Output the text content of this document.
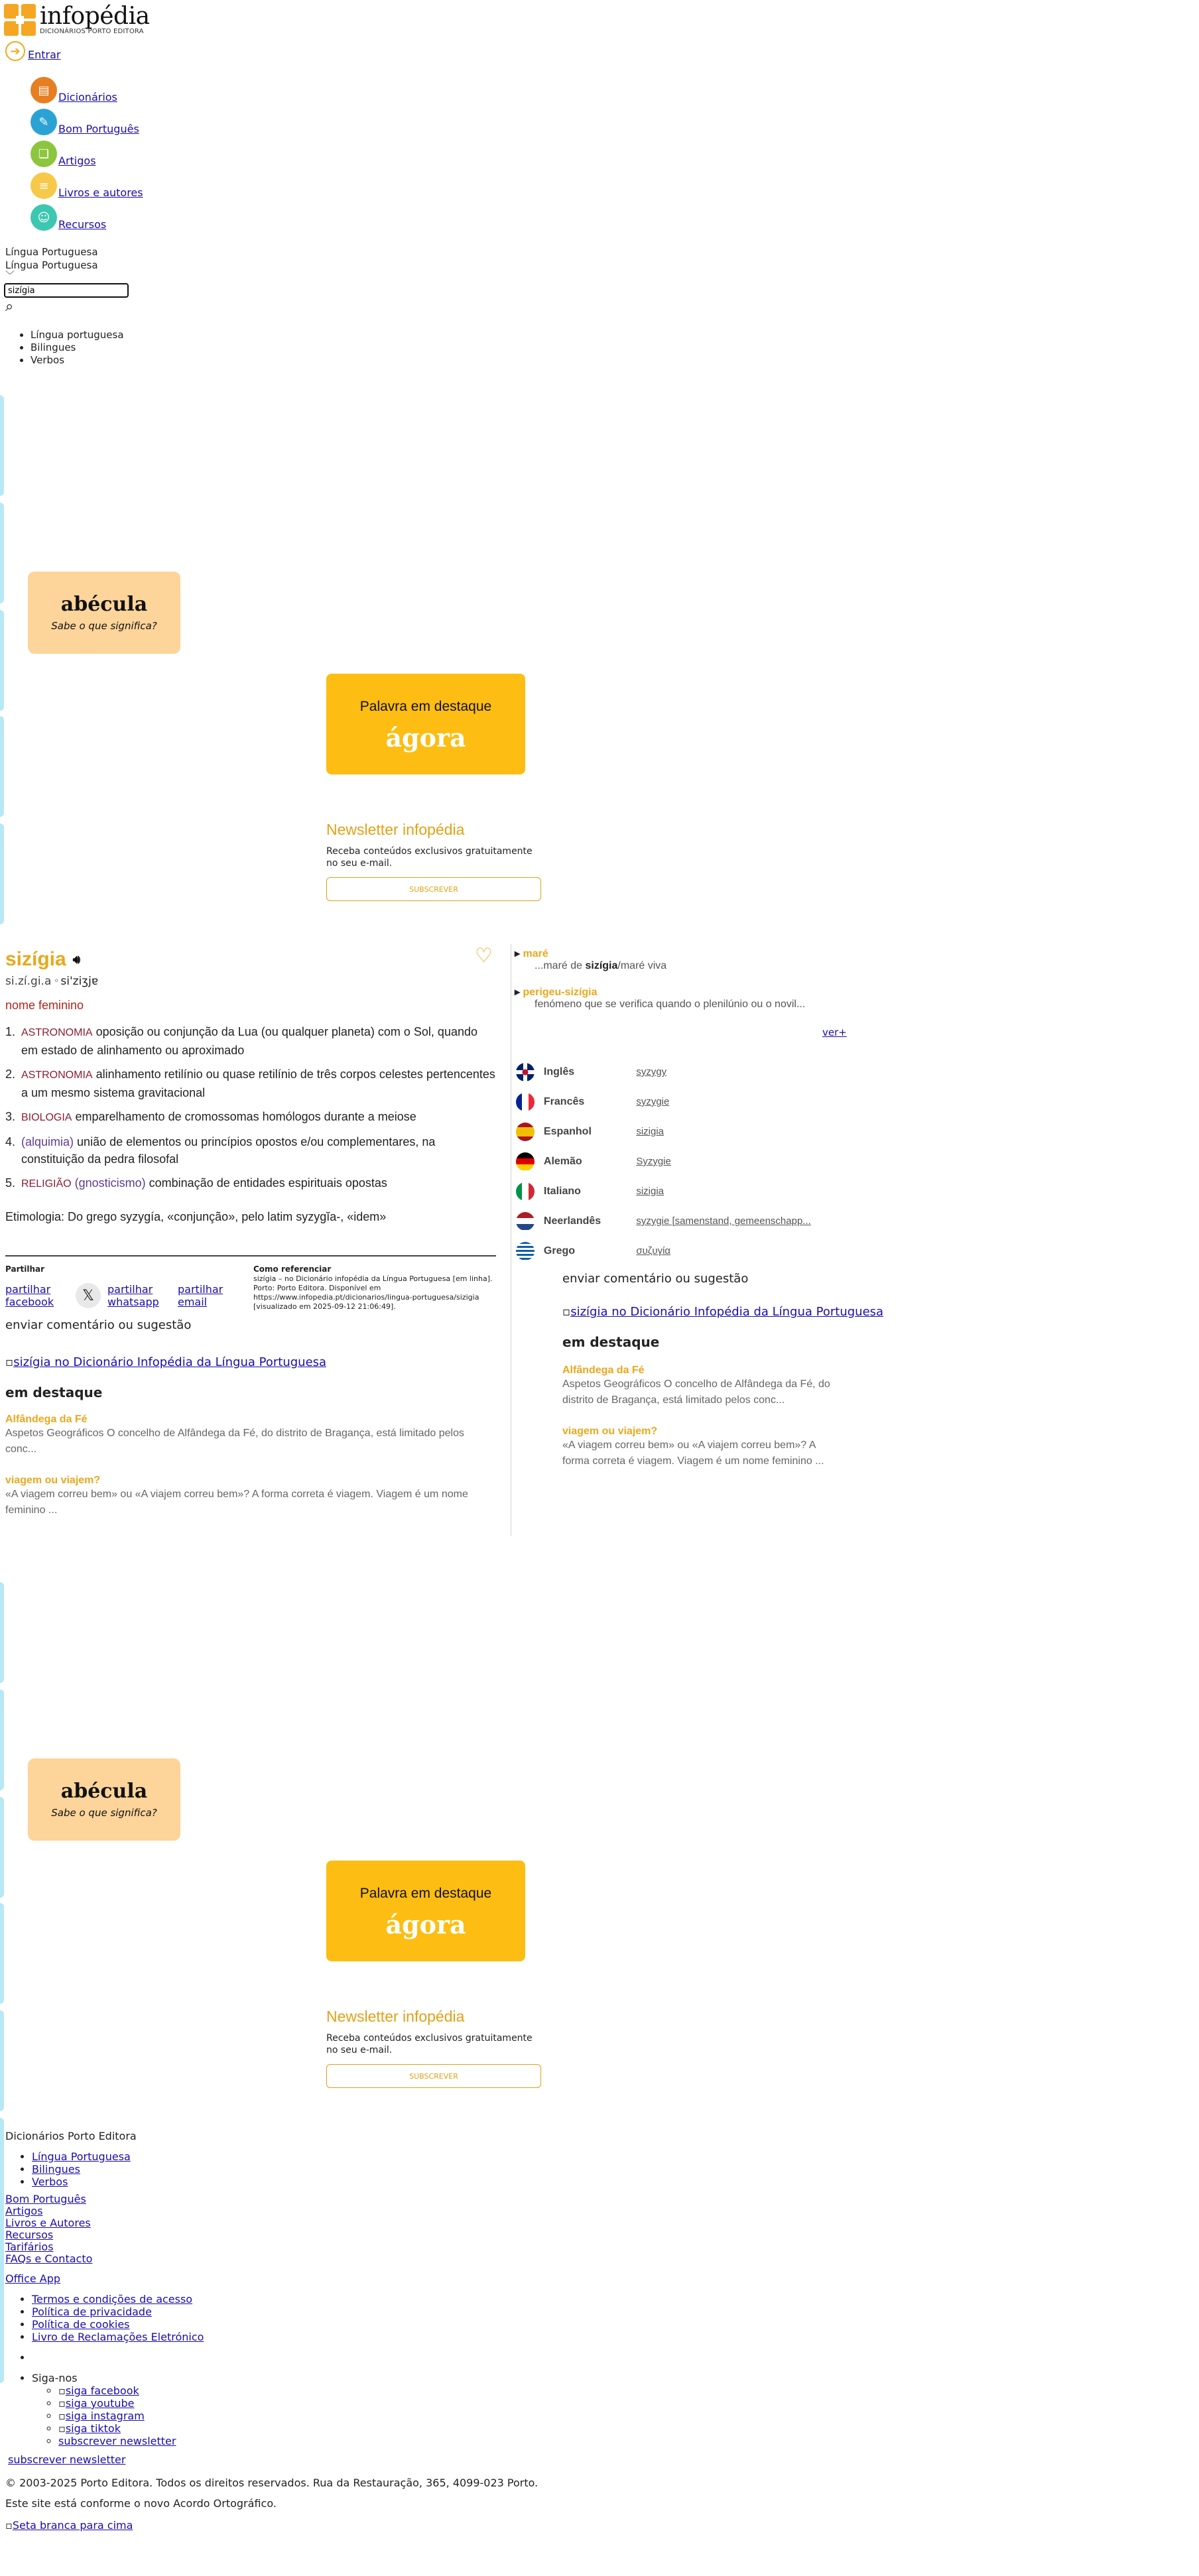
infopédia
DICIONÁRIOS PORTO EDITORA
➔ Entrar
▤ Dicionários
✎ Bom Português
❏ Artigos
≡ Livros e autores
☺ Recursos
Língua Portuguesa
Língua Portuguesa
﹀
sizígia
⌕
• Língua portuguesa
• Bilingues
• Verbos
abécula
Sabe o que significa?
Palavra em destaque
ágora
Newsletter infopédia
Receba conteúdos exclusivos gratuitamente no seu e-mail.
SUBSCREVER
♡
sizígia 🔊︎
si.zí.gi.a ⁰ si'ziʒjɐ
nome feminino
1. ASTRONOMIA oposição ou conjunção da Lua (ou qualquer planeta) com o Sol, quando em estado de alinhamento ou aproximado
2. ASTRONOMIA alinhamento retilínio ou quase retilínio de três corpos celestes pertencentes a um mesmo sistema gravitacional
3. BIOLOGIA emparelhamento de cromossomas homólogos durante a meiose
4. (alquimia) união de elementos ou princípios opostos e/ou complementares, na constituição da pedra filosofal
5. RELIGIÃO (gnosticismo) combinação de entidades espirituais opostas
Etimologia: Do grego syzygía, «conjunção», pelo latim syzygĭa-, «idem»
Partilhar
partilhar facebook	𝕏	partilhar whatsapp
partilhar email
enviar comentário ou sugestão
Como referenciar
sizígia – no Dicionário infopédia da Língua Portuguesa [em linha]. Porto: Porto Editora. Disponível em https://www.infopedia.pt/dicionarios/lingua-portuguesa/sizigia [visualizado em 2025-09-12 21:06:49].
▫sizígia no Dicionário Infopédia da Língua Portuguesa
em destaque
Alfândega da Fé
Aspetos Geográficos O concelho de Alfândega da Fé, do distrito de Bragança, está limitado pelos conc...
viagem ou viajem?
«A viagem correu bem» ou «A viajem correu bem»? A forma correta é viagem. Viagem é um nome feminino ...
▸ maré
...maré de sizígia/maré viva
▸ perigeu-sizígia
fenómeno que se verifica quando o plenilúnio ou o novil...
ver+
Inglês	syzygy
Francês	syzygie
Espanhol	sizigia
Alemão	Syzygie
Italiano	sizigia
Neerlandês	syzygie [samenstand, gemeenschapp...
Grego	συζυγία
enviar comentário ou sugestão
▫sizígia no Dicionário Infopédia da Língua Portuguesa
em destaque
Alfândega da Fé
Aspetos Geográficos O concelho de Alfândega da Fé, do distrito de Bragança, está limitado pelos conc...
viagem ou viajem?
«A viagem correu bem» ou «A viajem correu bem»? A forma correta é viagem. Viagem é um nome feminino ...
abécula
Sabe o que significa?
Palavra em destaque
ágora
Newsletter infopédia
Receba conteúdos exclusivos gratuitamente no seu e-mail.
SUBSCREVER
Dicionários Porto Editora
• Língua Portuguesa
• Bilingues
• Verbos
Bom Português
Artigos
Livros e Autores
Recursos
Tarifários
FAQs e Contacto
Office App
• Termos e condições de acesso
• Política de privacidade
• Política de cookies
• Livro de Reclamações Eletrónico
•
• Siga-nos
◦ ▫siga facebook
◦ ▫siga youtube
◦ ▫siga instagram
◦ ▫siga tiktok
◦ subscrever newsletter
subscrever newsletter
© 2003-2025 Porto Editora. Todos os direitos reservados. Rua da Restauração, 365, 4099-023 Porto.
Este site está conforme o novo Acordo Ortográfico.
▫Seta branca para cima
